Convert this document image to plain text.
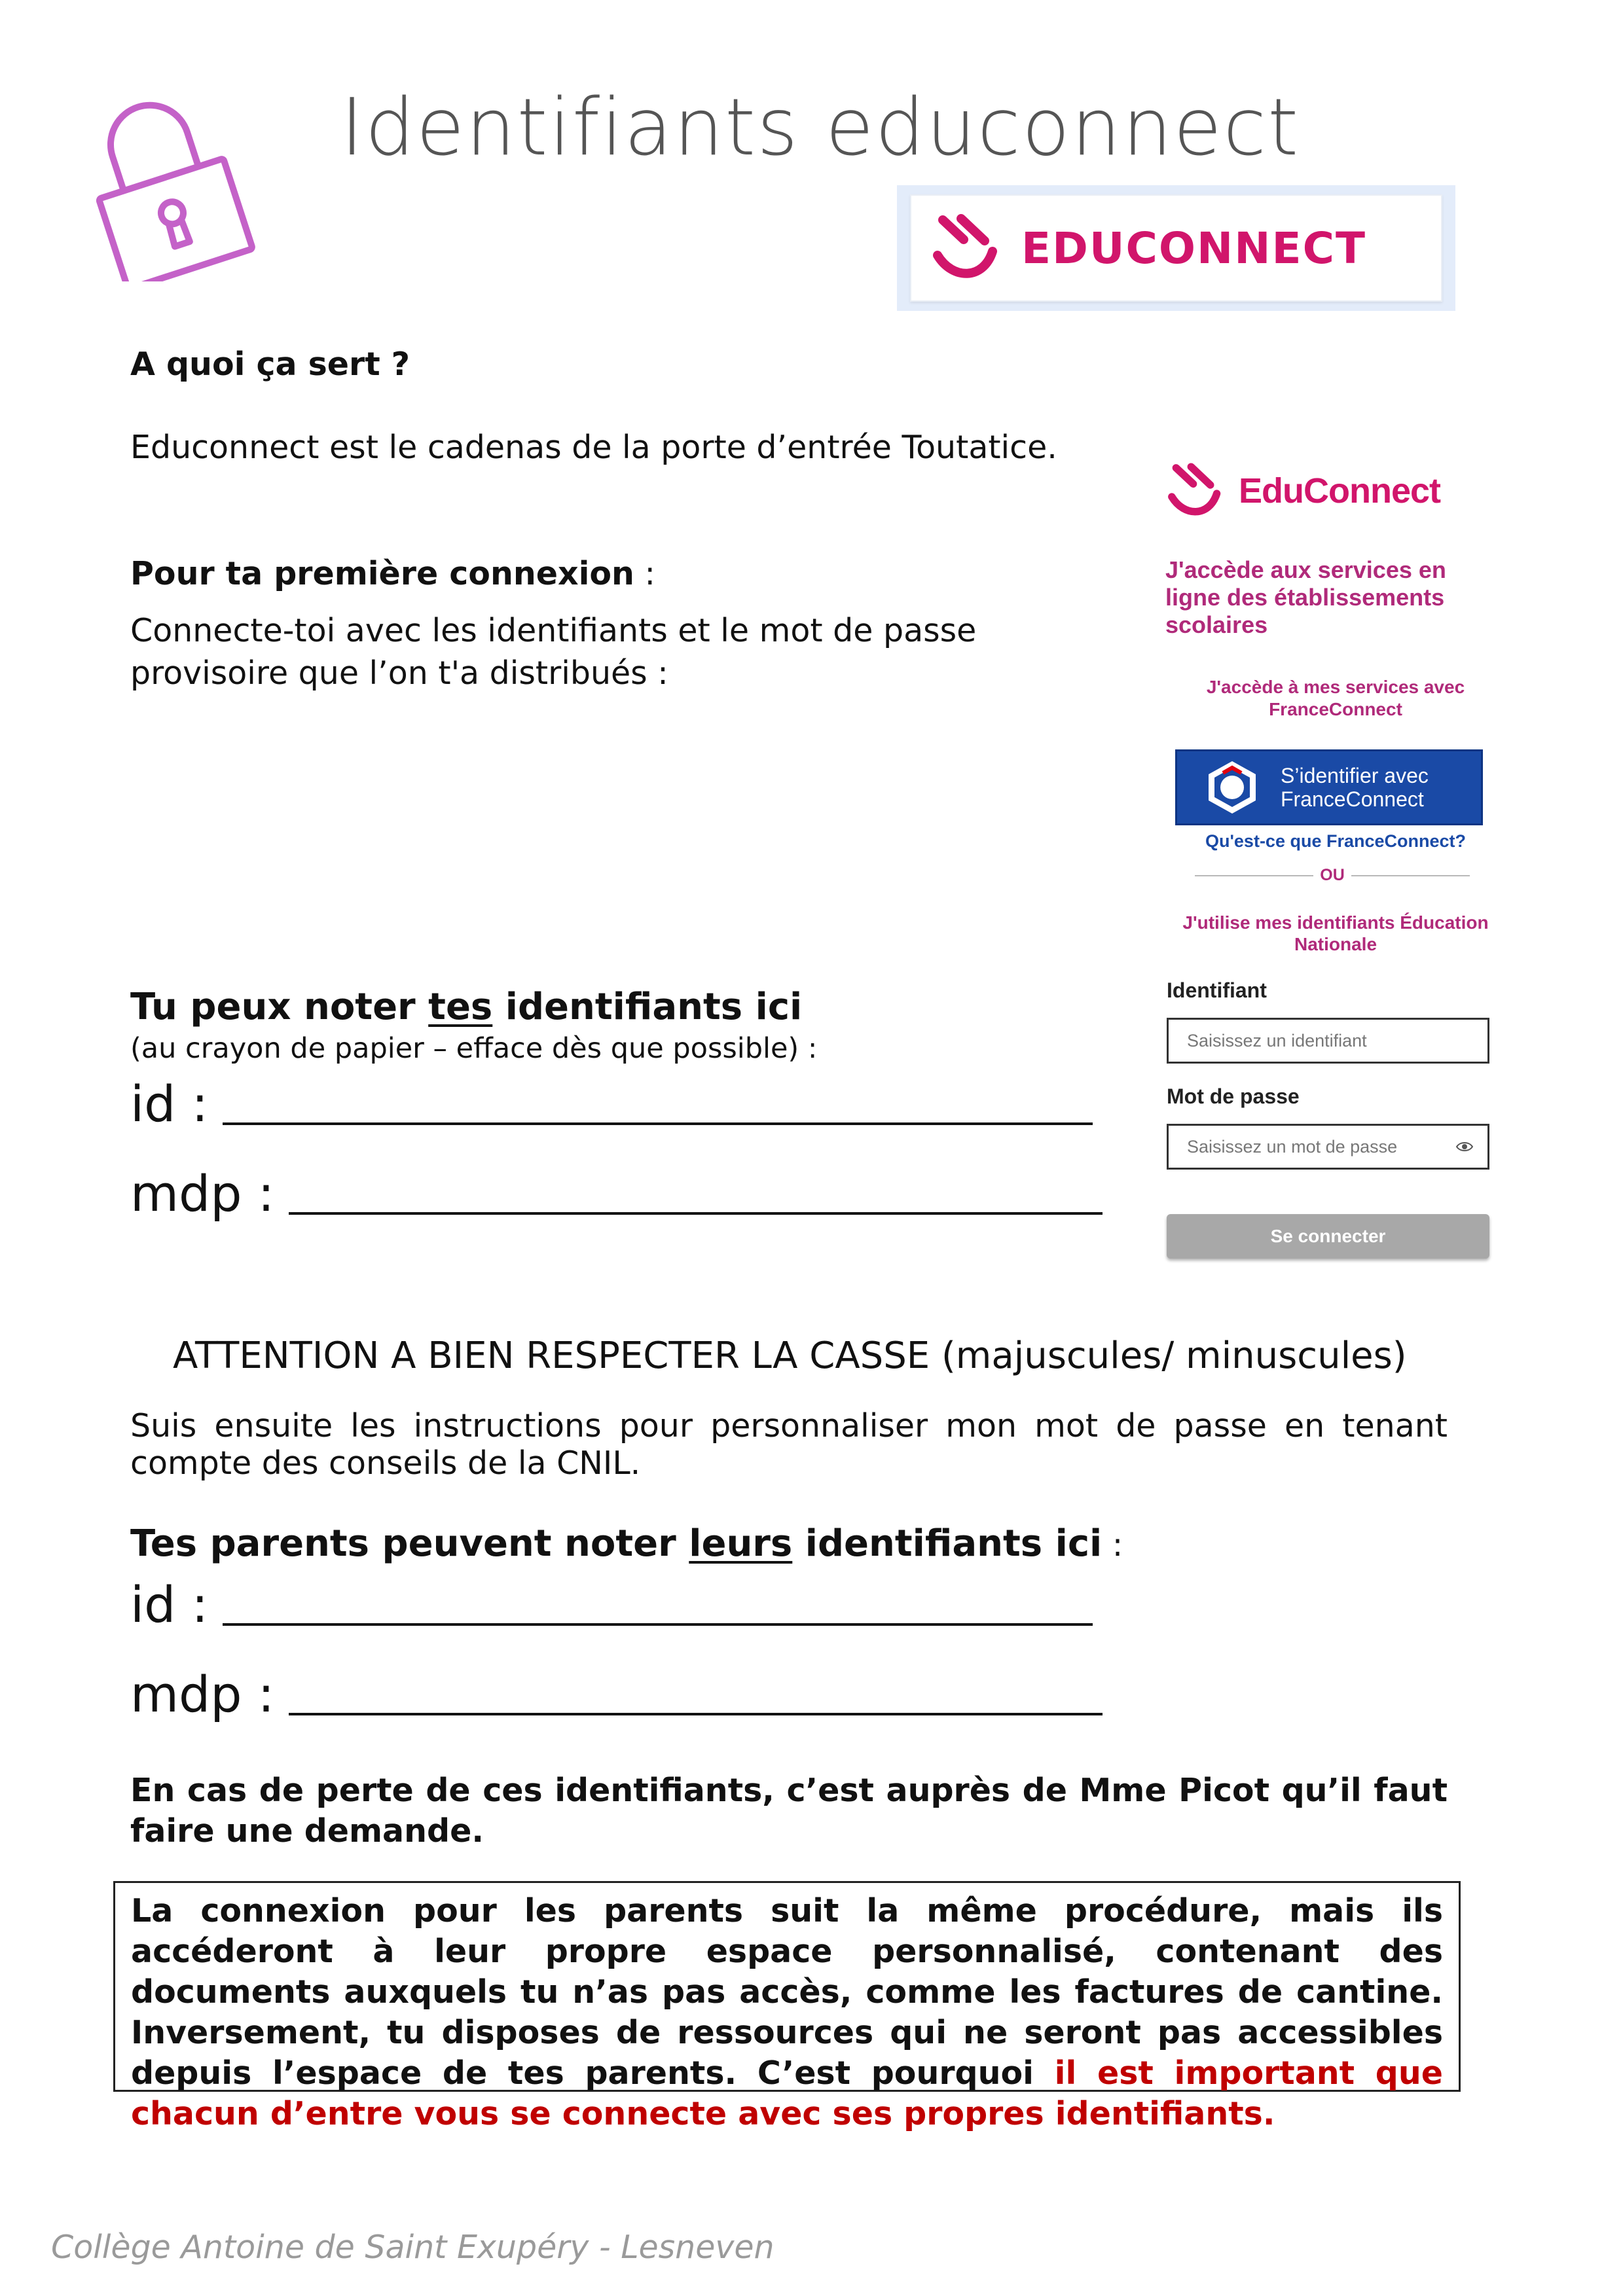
Identifiants educonnect
EDUCONNECT
A quoi ça sert ?
Educonnect est le cadenas de la porte d’entrée Toutatice.
Pour ta première connexion :
Connecte-toi avec les identifiants et le mot de passe provisoire que l’on t'a distribués :
Tu peux noter tes identifiants ici
(au crayon de papier – efface dès que possible) :
id :
mdp :
ATTENTION A BIEN RESPECTER LA CASSE (majuscules/ minuscules)
Suis ensuite les instructions pour personnaliser mon mot de passe en tenant compte des conseils de la CNIL.
Tes parents peuvent noter leurs identifiants ici :
id :
mdp :
En cas de perte de ces identifiants, c’est auprès de Mme Picot qu’il faut faire une demande.

La connexion pour les parents suit la même procédure, mais ils accéderont à leur propre espace personnalisé, contenant des documents auxquels tu n’as pas accès, comme les factures de cantine. Inversement, tu disposes de ressources qui ne seront pas accessibles depuis l’espace de tes parents. C’est pourquoi il est important que chacun d’entre vous se connecte avec ses propres identifiants.

Collège Antoine de Saint Exupéry - Lesneven
EduConnect
J'accède aux services en ligne des établissements scolaires
J'accède à mes services avec FranceConnect
S’identifier avec
FranceConnect
Qu'est-ce que FranceConnect?
OU
J'utilise mes identifiants Éducation Nationale
Identifiant
Saisissez un identifiant
Mot de passe
Saisissez un mot de passe
Se connecter
